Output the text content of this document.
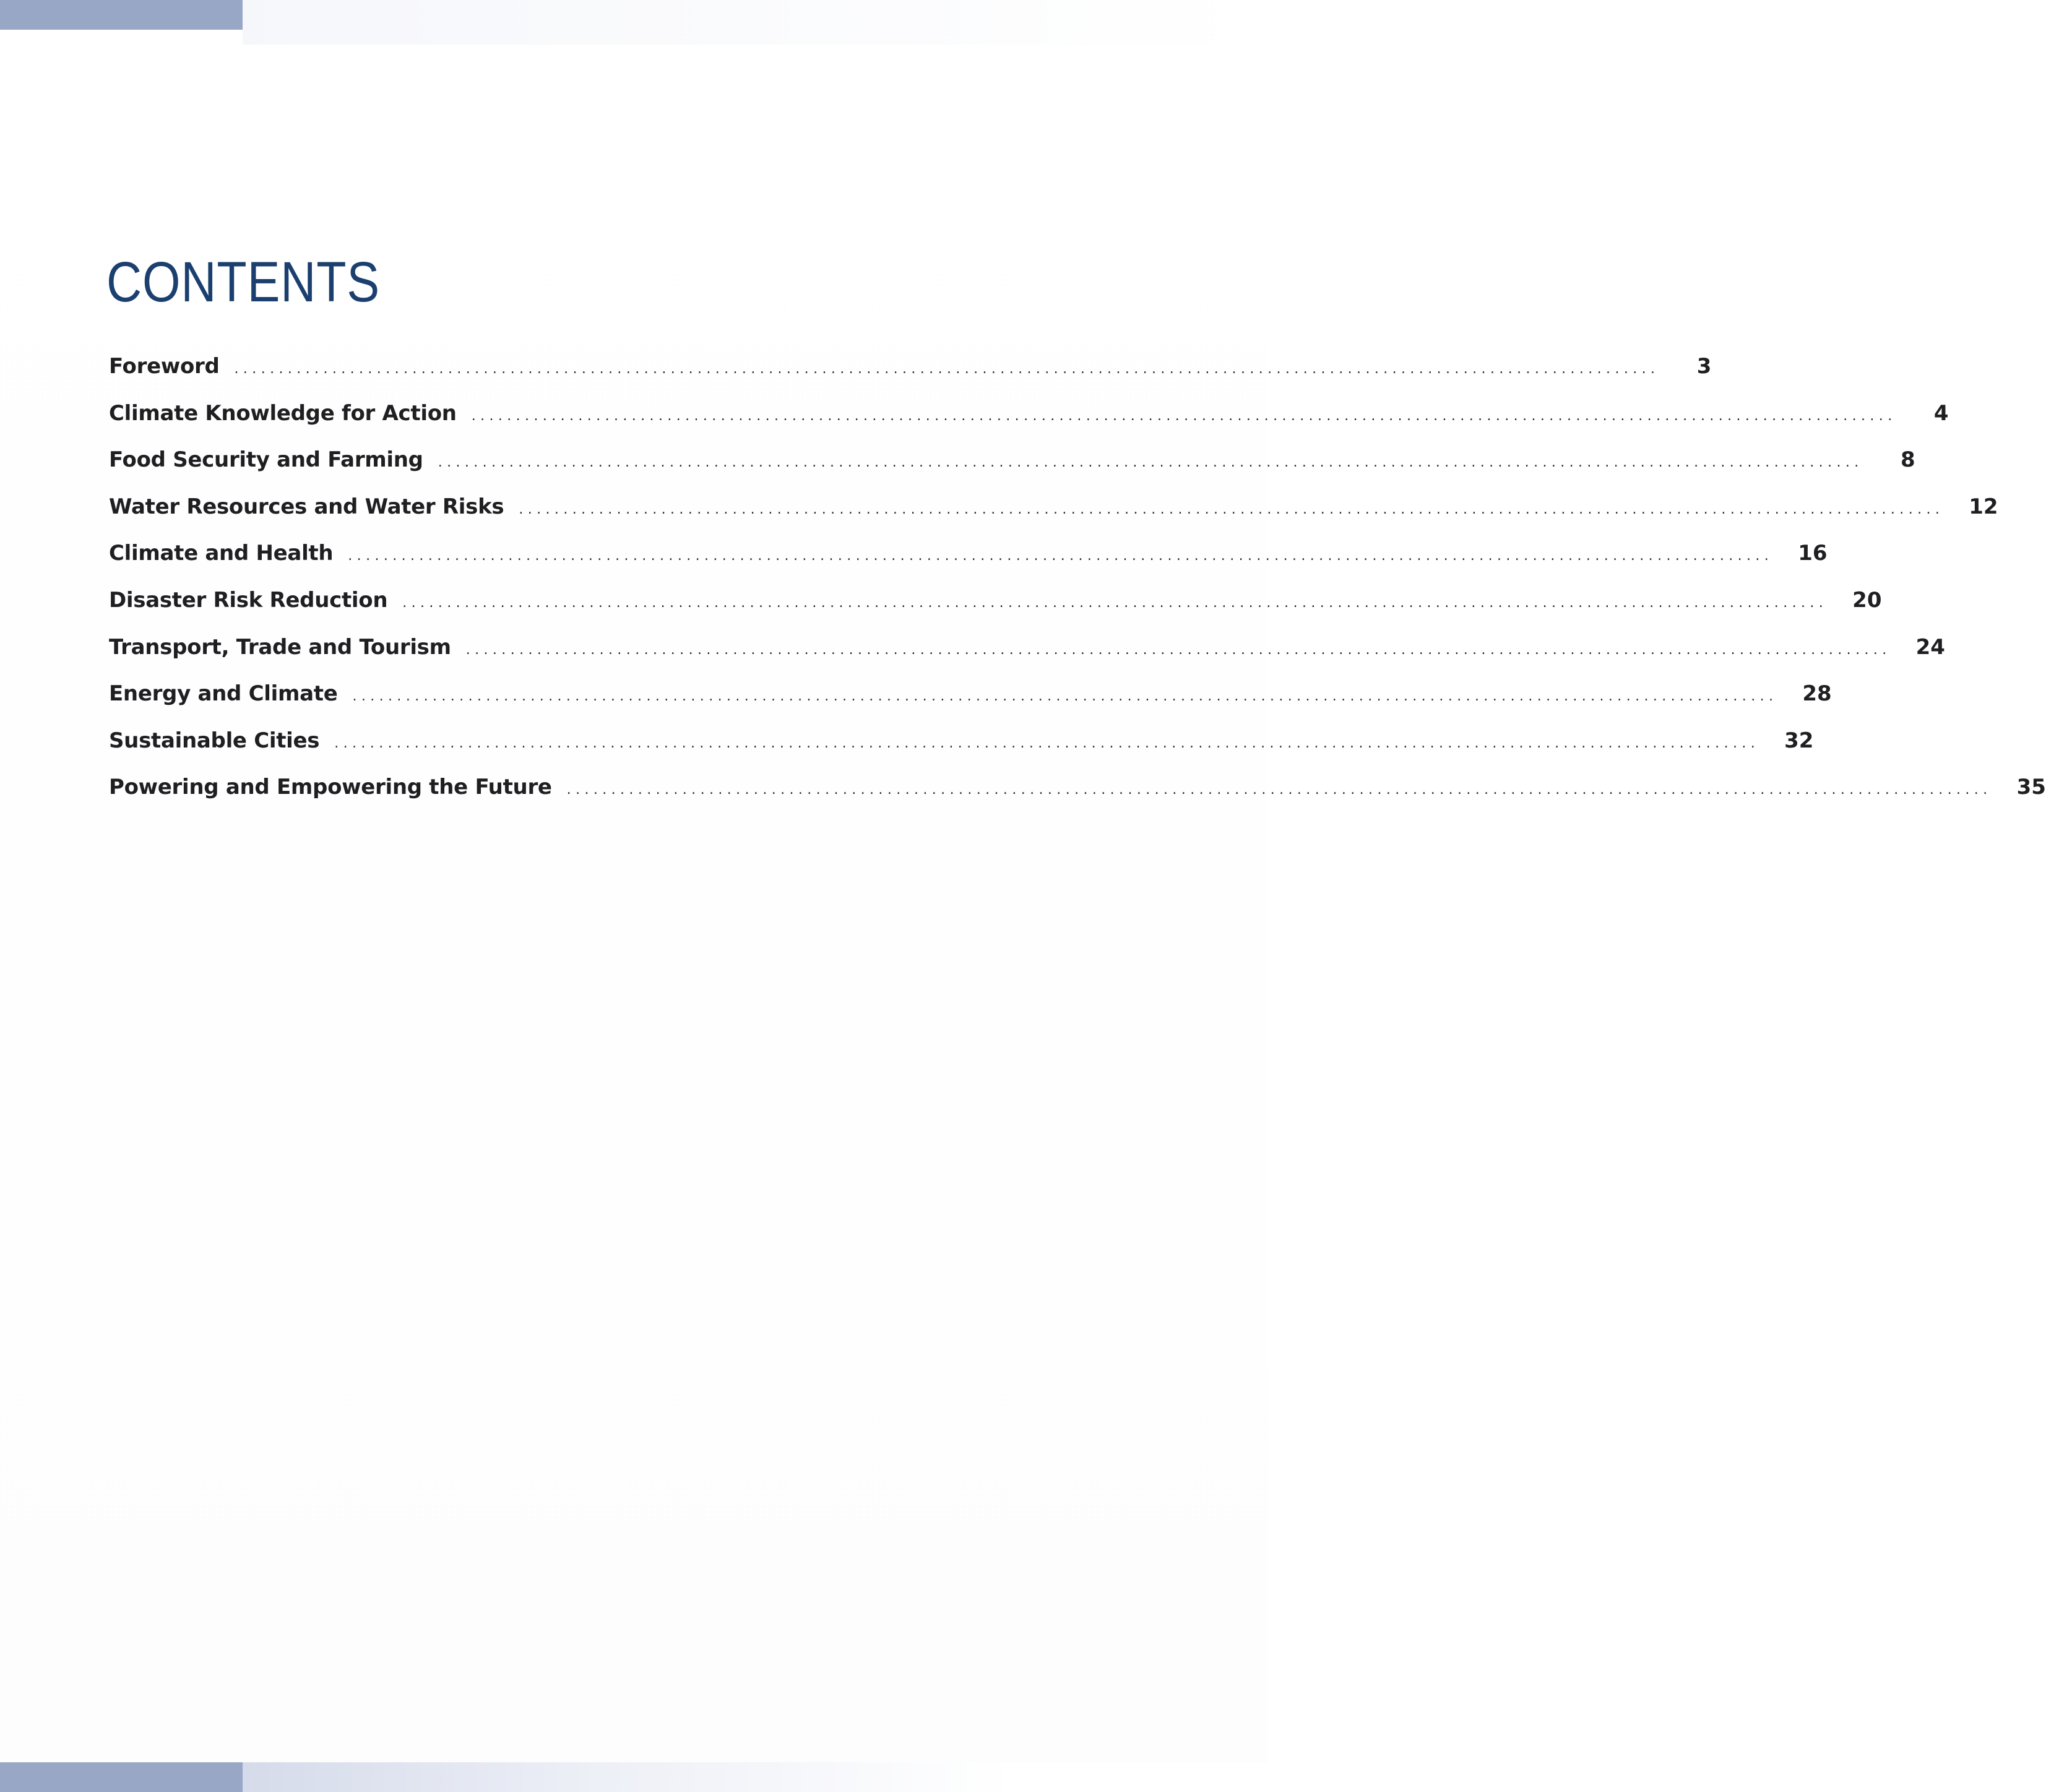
CONTENTS
Foreword	................................................................................................................................................................	3
Climate Knowledge for Action	................................................................................................................................................................	4
Food Security and Farming	................................................................................................................................................................	8
Water Resources and Water Risks	................................................................................................................................................................ 12
Climate and Health	................................................................................................................................................................ 16
Disaster Risk Reduction	................................................................................................................................................................ 20
Transport, Trade and Tourism	................................................................................................................................................................ 24
Energy and Climate	................................................................................................................................................................ 28
Sustainable Cities	................................................................................................................................................................ 32
Powering and Empowering the Future	................................................................................................................................................................ 35
